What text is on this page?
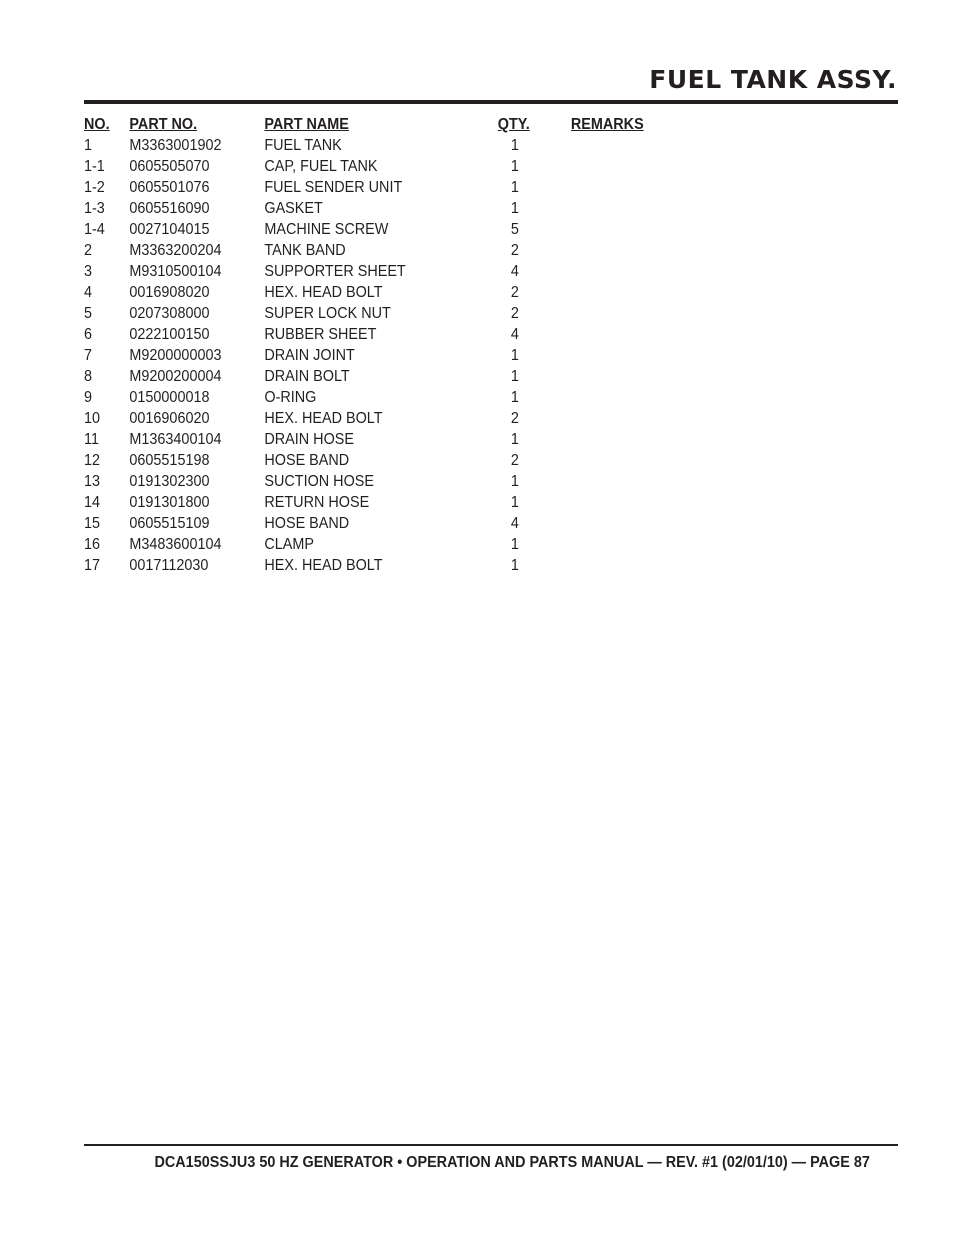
FUEL TANK ASSY.
NO.	PART NO.	PART NAME	QTY.	REMARKS
1	M3363001902	FUEL TANK	1	
1-1	0605505070	CAP, FUEL TANK	1	
1-2	0605501076	FUEL SENDER UNIT	1	
1-3	0605516090	GASKET	1	
1-4	0027104015	MACHINE SCREW	5	
2	M3363200204	TANK BAND	2	
3	M9310500104	SUPPORTER SHEET	4	
4	0016908020	HEX. HEAD BOLT	2	
5	0207308000	SUPER LOCK NUT	2	
6	0222100150	RUBBER SHEET	4	
7	M9200000003	DRAIN JOINT	1	
8	M9200200004	DRAIN BOLT	1	
9	0150000018	O-RING	1	
10	0016906020	HEX. HEAD BOLT	2	
11	M1363400104	DRAIN HOSE	1	
12	0605515198	HOSE BAND	2	
13	0191302300	SUCTION HOSE	1	
14	0191301800	RETURN HOSE	1	
15	0605515109	HOSE BAND	4	
16	M3483600104	CLAMP	1	
17	0017112030	HEX. HEAD BOLT	1	
DCA150SSJU3 50 HZ GENERATOR • OPERATION AND PARTS MANUAL — REV. #1 (02/01/10) — PAGE 87
